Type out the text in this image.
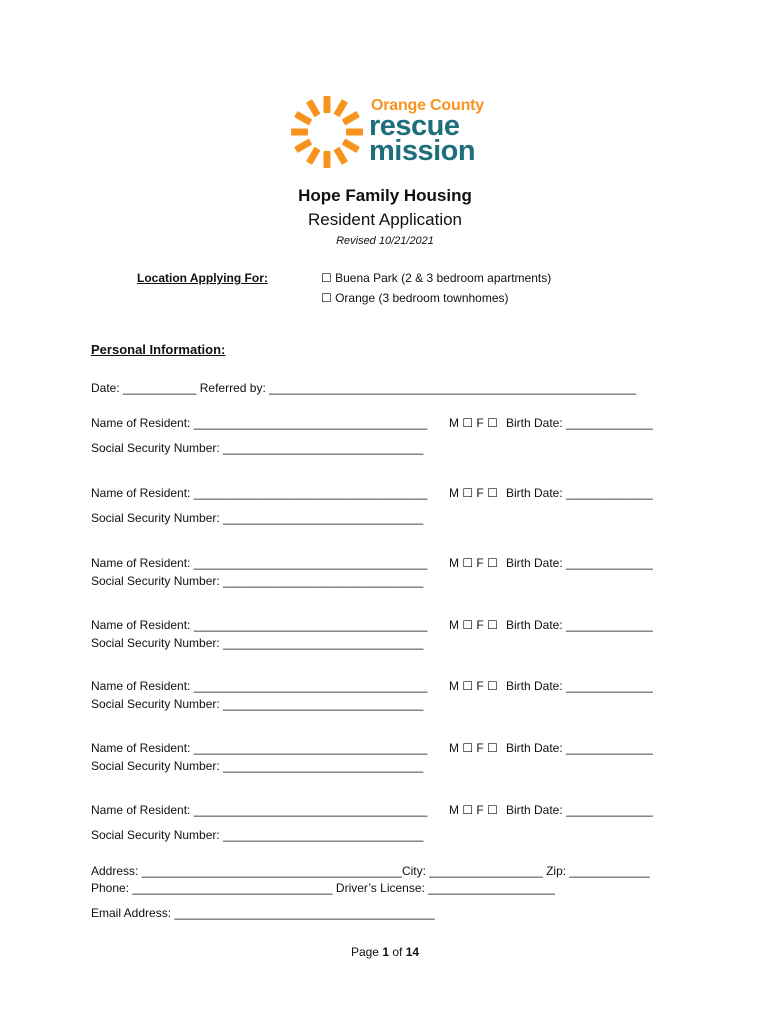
Orange County
rescue
mission
Hope Family Housing
Resident Application
Revised 10/21/2021
Location Applying For:	☐ Buena Park (2 & 3 bedroom apartments)
☐ Orange (3 bedroom townhomes)
Personal Information:
Date: ___________ Referred by: _______________________________________________________
Name of Resident: ___________________________________ M ☐ F ☐ Birth Date: _____________
Social Security Number: ______________________________
Name of Resident: ___________________________________ M ☐ F ☐ Birth Date: _____________
Social Security Number: ______________________________
Name of Resident: ___________________________________ M ☐ F ☐ Birth Date: _____________
Social Security Number: ______________________________
Name of Resident: ___________________________________ M ☐ F ☐ Birth Date: _____________
Social Security Number: ______________________________
Name of Resident: ___________________________________ M ☐ F ☐ Birth Date: _____________
Social Security Number: ______________________________
Name of Resident: ___________________________________ M ☐ F ☐ Birth Date: _____________
Social Security Number: ______________________________
Name of Resident: ___________________________________ M ☐ F ☐ Birth Date: _____________
Social Security Number: ______________________________
Address: _______________________________________City: _________________ Zip: ____________
Phone: ______________________________ Driver’s License: ___________________
Email Address: _______________________________________
Page 1 of 14
